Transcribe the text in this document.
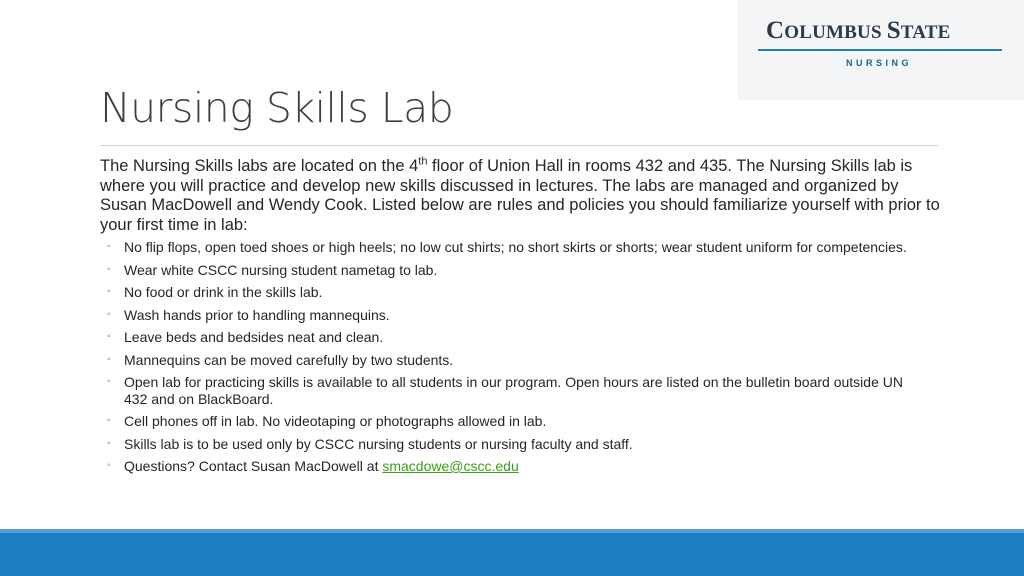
COLUMBUS STATE
NURSING
Nursing Skills Lab
The Nursing Skills labs are located on the 4th floor of Union Hall in rooms 432 and 435. The Nursing Skills lab is where you will practice and develop new skills discussed in lectures. The labs are managed and organized by Susan MacDowell and Wendy Cook. Listed below are rules and policies you should familiarize yourself with prior to your first time in lab:
◦ No flip flops, open toed shoes or high heels; no low cut shirts; no short skirts or shorts; wear student uniform for competencies.
◦ Wear white CSCC nursing student nametag to lab.
◦ No food or drink in the skills lab.
◦ Wash hands prior to handling mannequins.
◦ Leave beds and bedsides neat and clean.
◦ Mannequins can be moved carefully by two students.
◦ Open lab for practicing skills is available to all students in our program. Open hours are listed on the bulletin board outside UN 432 and on BlackBoard.
◦ Cell phones off in lab. No videotaping or photographs allowed in lab.
◦ Skills lab is to be used only by CSCC nursing students or nursing faculty and staff.
◦ Questions? Contact Susan MacDowell at smacdowe@cscc.edu
